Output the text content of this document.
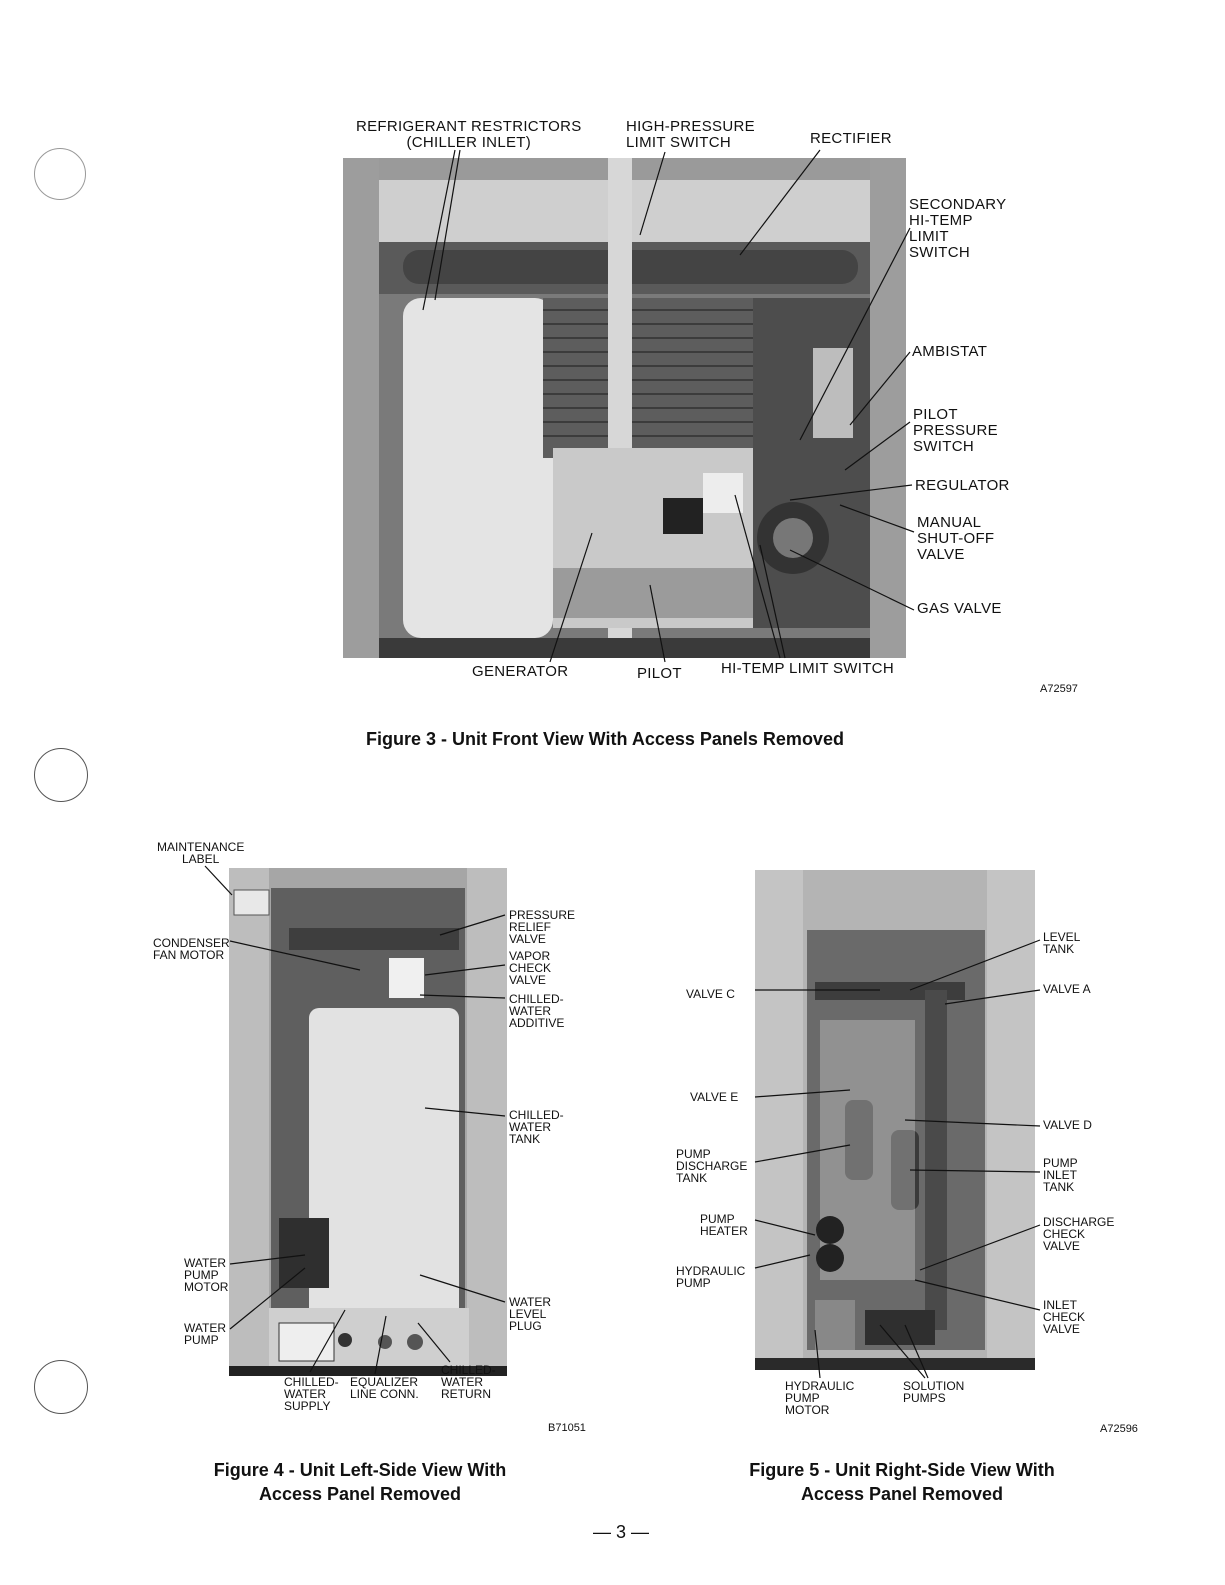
REFRIGERANT RESTRICTORS
(CHILLER INLET)
HIGH-PRESSURE
LIMIT SWITCH	RECTIFIER
SECONDARY
HI-TEMP
LIMIT
SWITCH
AMBISTAT
PILOT
PRESSURE
SWITCH
REGULATOR
MANUAL
SHUT-OFF
VALVE
GAS VALVE
GENERATOR	PILOT	HI-TEMP LIMIT SWITCH
A72597
Figure 3 - Unit Front View With Access Panels Removed
MAINTENANCE
LABEL
CONDENSER
FAN MOTOR
PRESSURE
RELIEF
VALVE
VAPOR
CHECK
VALVE
CHILLED-
WATER
ADDITIVE
CHILLED-
WATER
TANK
WATER
PUMP
MOTOR
WATER
PUMP
WATER
LEVEL
PLUG
CHILLED-
WATER
SUPPLY
EQUALIZER
LINE CONN.
CHILLED-
WATER
RETURN
B71051
Figure 4 - Unit Left-Side View With
Access Panel Removed
LEVEL
TANK
VALVE A
VALVE C
VALVE E
VALVE D
PUMP
DISCHARGE
TANK
PUMP
INLET
TANK
PUMP
HEATER
DISCHARGE
CHECK
VALVE
HYDRAULIC
PUMP
INLET
CHECK
VALVE
HYDRAULIC
PUMP
MOTOR
SOLUTION
PUMPS
A72596
Figure 5 - Unit Right-Side View With
Access Panel Removed
— 3 —
